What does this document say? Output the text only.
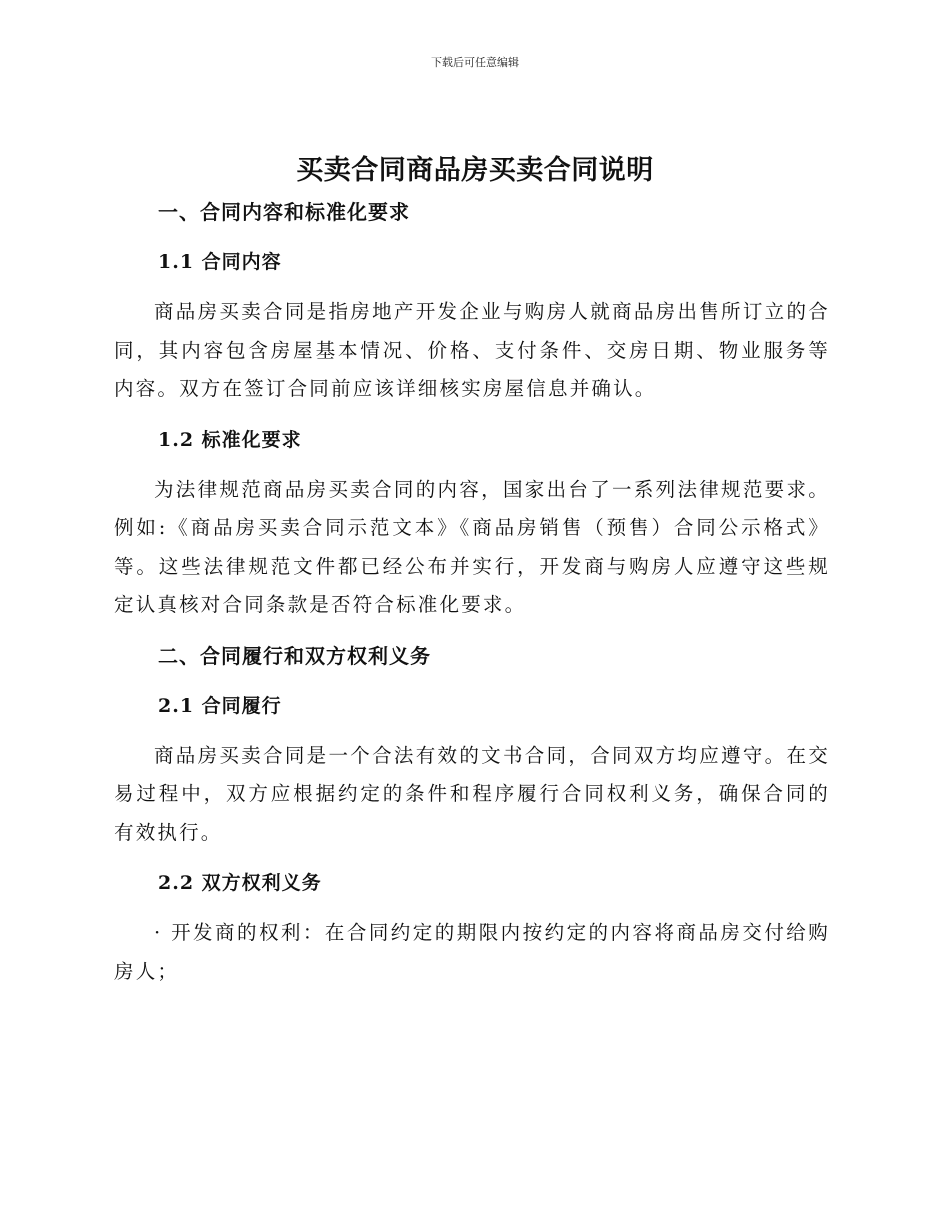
下载后可任意编辑
买卖合同商品房买卖合同说明
一、合同内容和标准化要求
1.1 合同内容

商品房买卖合同是指房地产开发企业与购房人就商品房出售所订立的合同，其内容包含房屋基本情况、价格、支付条件、交房日期、物业服务等内容。双方在签订合同前应该详细核实房屋信息并确认。

1.2 标准化要求

为法律规范商品房买卖合同的内容，国家出台了一系列法律规范要求。例如:《商品房买卖合同示范文本》《商品房销售（预售）合同公示格式》等。这些法律规范文件都已经公布并实行，开发商与购房人应遵守这些规定认真核对合同条款是否符合标准化要求。

二、合同履行和双方权利义务
2.1 合同履行

商品房买卖合同是一个合法有效的文书合同，合同双方均应遵守。在交易过程中，双方应根据约定的条件和程序履行合同权利义务，确保合同的有效执行。

2.2 双方权利义务

· 开发商的权利：在合同约定的期限内按约定的内容将商品房交付给购房人；
